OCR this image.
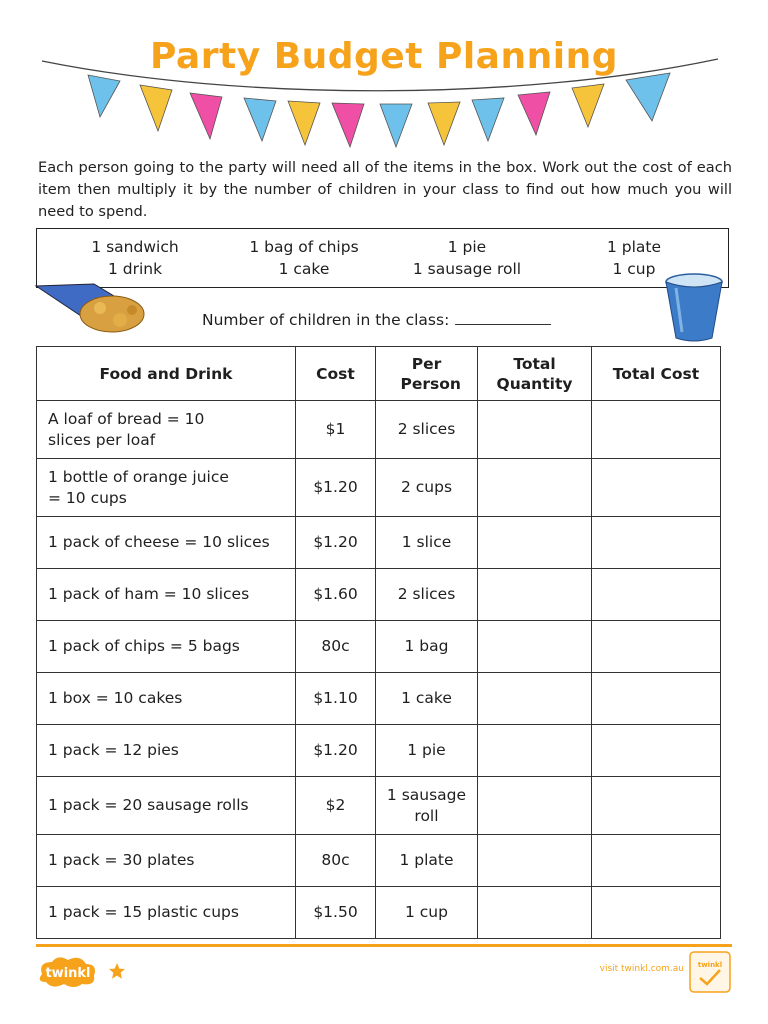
Party Budget Planning
Each person going to the party will need all of the items in the box. Work out the cost of each item then multiply it by the number of children in your class to find out how much you will need to spend.
1 sandwich	1 bag of chips	1 pie	1 plate
1 drink	1 cake	1 sausage roll	1 cup
Number of children in the class:
Food and Drink	Cost	Per Person	Total Quantity	Total Cost
A loaf of bread = 10 slices per loaf	$1	2 slices		

1 bottle of orange juice = 10 cups	$1.20	2 cups		

1 pack of cheese = 10 slices	$1.20	1 slice		

1 pack of ham = 10 slices	$1.60	2 slices		

1 pack of chips = 5 bags	80c	1 bag		

1 box = 10 cakes	$1.10	1 cake		

1 pack = 12 pies	$1.20	1 pie		

1 pack = 20 sausage rolls	$2	1 sausage roll		

1 pack = 30 plates	80c	1 plate		

1 pack = 15 plastic cups	$1.50	1 cup		

twinkl	visit twinkl.com.au twinkl
